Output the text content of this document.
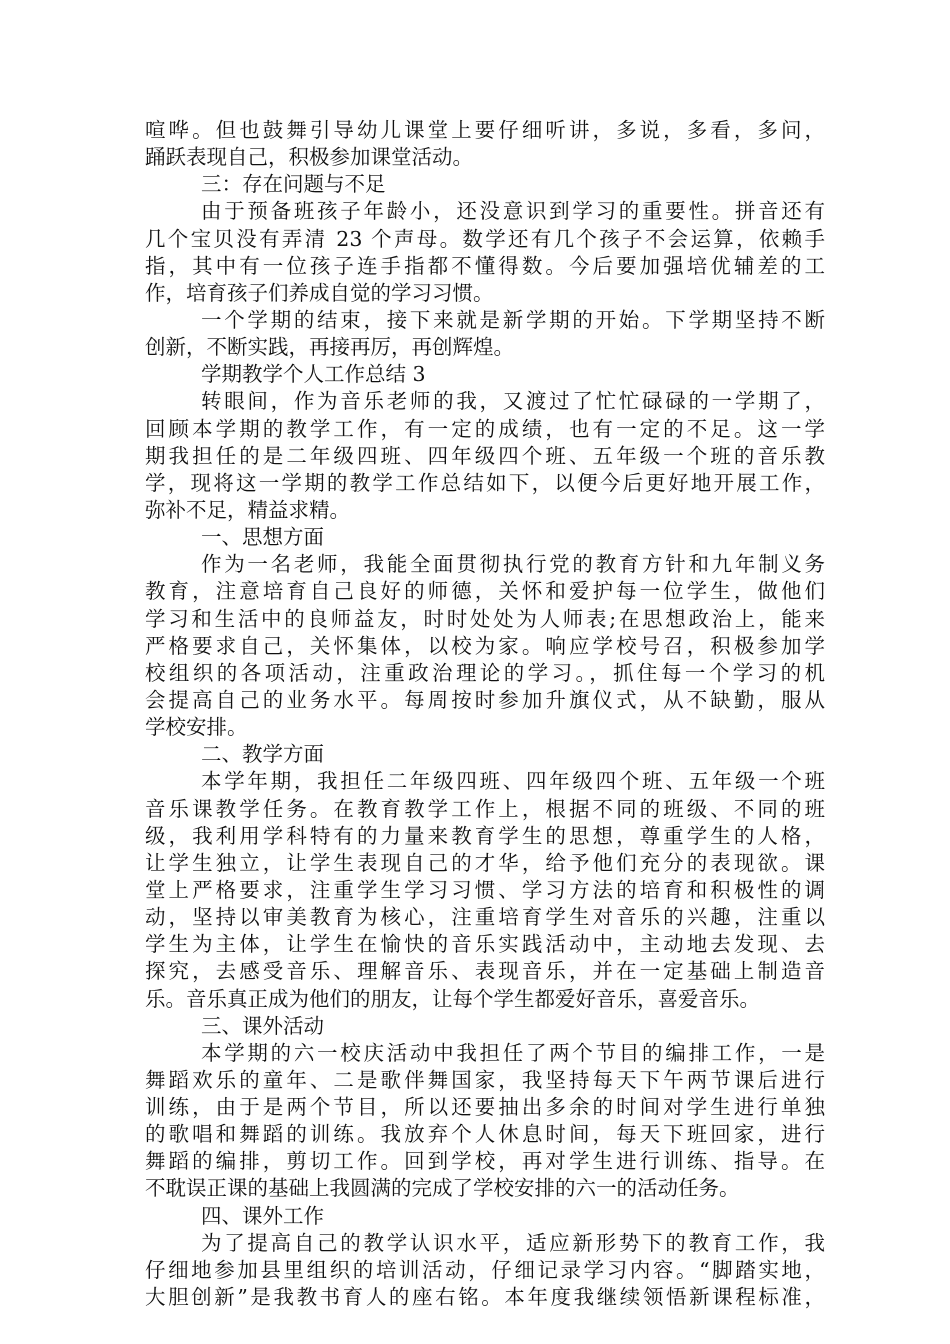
喧哗。但也鼓舞引导幼儿课堂上要仔细听讲，多说，多看，多问，
踊跃表现自己，积极参加课堂活动。
三：存在问题与不足
由于预备班孩子年龄小，还没意识到学习的重要性。拼音还有
几个宝贝没有弄清 23 个声母。数学还有几个孩子不会运算，依赖手
指，其中有一位孩子连手指都不懂得数。今后要加强培优辅差的工
作，培育孩子们养成自觉的学习习惯。
一个学期的结束，接下来就是新学期的开始。下学期坚持不断
创新，不断实践，再接再厉，再创辉煌。
学期教学个人工作总结 3
转眼间，作为音乐老师的我，又渡过了忙忙碌碌的一学期了，
回顾本学期的教学工作，有一定的成绩，也有一定的不足。这一学
期我担任的是二年级四班、四年级四个班、五年级一个班的音乐教
学，现将这一学期的教学工作总结如下，以便今后更好地开展工作，
弥补不足，精益求精。
一、思想方面
作为一名老师，我能全面贯彻执行党的教育方针和九年制义务
教育，注意培育自己良好的师德，关怀和爱护每一位学生，做他们
学习和生活中的良师益友，时时处处为人师表;在思想政治上，能来
严格要求自己，关怀集体，以校为家。响应学校号召，积极参加学
校组织的各项活动，注重政治理论的学习。，抓住每一个学习的机
会提高自己的业务水平。每周按时参加升旗仪式，从不缺勤，服从
学校安排。
二、教学方面
本学年期，我担任二年级四班、四年级四个班、五年级一个班
音乐课教学任务。在教育教学工作上，根据不同的班级、不同的班
级，我利用学科特有的力量来教育学生的思想，尊重学生的人格，
让学生独立，让学生表现自己的才华，给予他们充分的表现欲。课
堂上严格要求，注重学生学习习惯、学习方法的培育和积极性的调
动，坚持以审美教育为核心，注重培育学生对音乐的兴趣，注重以
学生为主体，让学生在愉快的音乐实践活动中，主动地去发现、去
探究，去感受音乐、理解音乐、表现音乐，并在一定基础上制造音
乐。音乐真正成为他们的朋友，让每个学生都爱好音乐，喜爱音乐。
三、课外活动
本学期的六一校庆活动中我担任了两个节目的编排工作，一是
舞蹈欢乐的童年、二是歌伴舞国家，我坚持每天下午两节课后进行
训练，由于是两个节目，所以还要抽出多余的时间对学生进行单独
的歌唱和舞蹈的训练。我放弃个人休息时间，每天下班回家，进行
舞蹈的编排，剪切工作。回到学校，再对学生进行训练、指导。在
不耽误正课的基础上我圆满的完成了学校安排的六一的活动任务。
四、课外工作
为了提高自己的教学认识水平，适应新形势下的教育工作，我
仔细地参加县里组织的培训活动，仔细记录学习内容。“脚踏实地，
大胆创新”是我教书育人的座右铭。本年度我继续领悟新课程标准，
